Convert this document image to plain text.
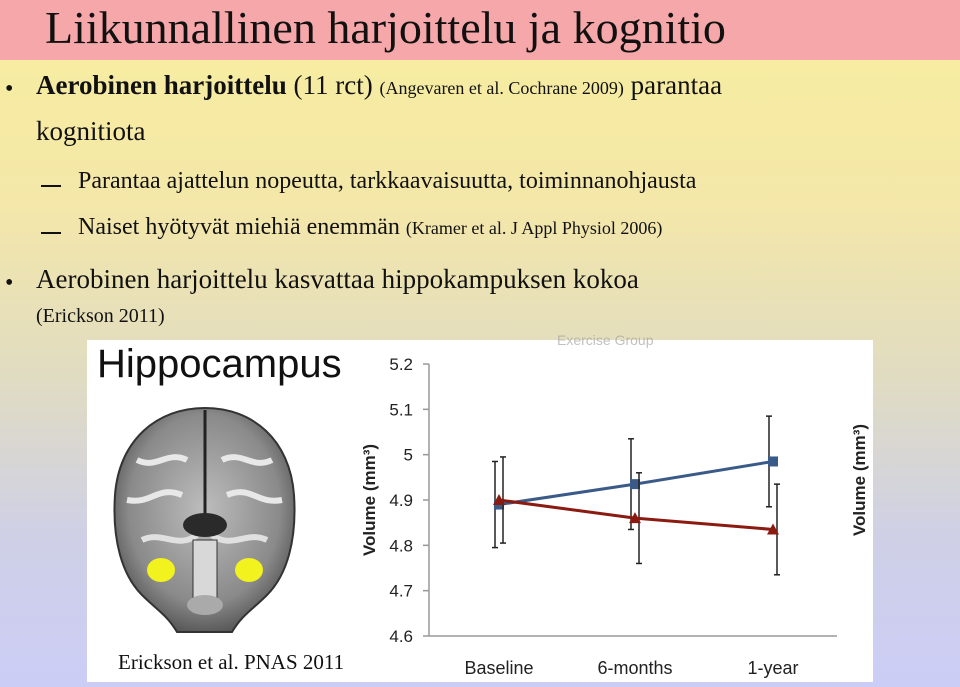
Liikunnallinen harjoittelu ja kognitio
• Aerobinen harjoittelu (11 rct) (Angevaren et al. Cochrane 2009) parantaa
kognitiota
Parantaa ajattelun nopeutta, tarkkaavaisuutta, toiminnanohjausta
Naiset hyötyvät miehiä enemmän (Kramer et al. J Appl Physiol 2006)
• Aerobinen harjoittelu kasvattaa hippokampuksen kokoa
(Erickson 2011)
Exercise Group
Hippocampus
Erickson et al. PNAS 2011
5.2
5.1
5
4.9
4.8
4.7
4.6
Baseline	6-months	1-year
Volume (mm³)	Volume (mm³)
